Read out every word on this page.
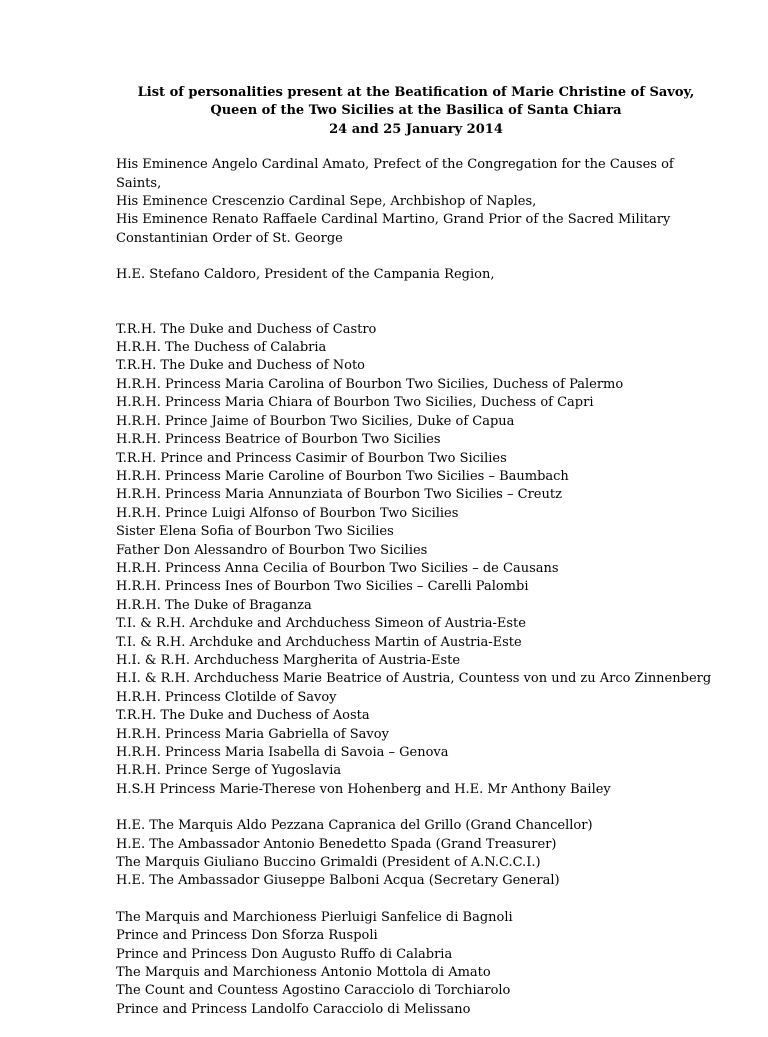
List of personalities present at the Beatification of Marie Christine of Savoy,
Queen of the Two Sicilies at the Basilica of Santa Chiara
24 and 25 January 2014
His Eminence Angelo Cardinal Amato, Prefect of the Congregation for the Causes of Saints,
His Eminence Crescenzio Cardinal Sepe, Archbishop of Naples,
His Eminence Renato Raffaele Cardinal Martino, Grand Prior of the Sacred Military Constantinian Order of St. George
H.E. Stefano Caldoro, President of the Campania Region,
T.R.H. The Duke and Duchess of Castro
H.R.H. The Duchess of Calabria
T.R.H. The Duke and Duchess of Noto
H.R.H. Princess Maria Carolina of Bourbon Two Sicilies, Duchess of Palermo
H.R.H. Princess Maria Chiara of Bourbon Two Sicilies, Duchess of Capri
H.R.H. Prince Jaime of Bourbon Two Sicilies, Duke of Capua
H.R.H. Princess Beatrice of Bourbon Two Sicilies
T.R.H. Prince and Princess Casimir of Bourbon Two Sicilies
H.R.H. Princess Marie Caroline of Bourbon Two Sicilies – Baumbach
H.R.H. Princess Maria Annunziata of Bourbon Two Sicilies – Creutz
H.R.H. Prince Luigi Alfonso of Bourbon Two Sicilies
Sister Elena Sofia of Bourbon Two Sicilies
Father Don Alessandro of Bourbon Two Sicilies
H.R.H. Princess Anna Cecilia of Bourbon Two Sicilies – de Causans
H.R.H. Princess Ines of Bourbon Two Sicilies – Carelli Palombi
H.R.H. The Duke of Braganza
T.I. & R.H. Archduke and Archduchess Simeon of Austria-Este
T.I. & R.H. Archduke and Archduchess Martin of Austria-Este
H.I. & R.H. Archduchess Margherita of Austria-Este
H.I. & R.H. Archduchess Marie Beatrice of Austria, Countess von und zu Arco Zinnenberg
H.R.H. Princess Clotilde of Savoy
T.R.H. The Duke and Duchess of Aosta
H.R.H. Princess Maria Gabriella of Savoy
H.R.H. Princess Maria Isabella di Savoia – Genova
H.R.H. Prince Serge of Yugoslavia
H.S.H Princess Marie-Therese von Hohenberg and H.E. Mr Anthony Bailey
H.E. The Marquis Aldo Pezzana Capranica del Grillo (Grand Chancellor)
H.E. The Ambassador Antonio Benedetto Spada (Grand Treasurer)
The Marquis Giuliano Buccino Grimaldi (President of A.N.C.C.I.)
H.E. The Ambassador Giuseppe Balboni Acqua (Secretary General)
The Marquis and Marchioness Pierluigi Sanfelice di Bagnoli
Prince and Princess Don Sforza Ruspoli
Prince and Princess Don Augusto Ruffo di Calabria
The Marquis and Marchioness Antonio Mottola di Amato
The Count and Countess Agostino Caracciolo di Torchiarolo
Prince and Princess Landolfo Caracciolo di Melissano
